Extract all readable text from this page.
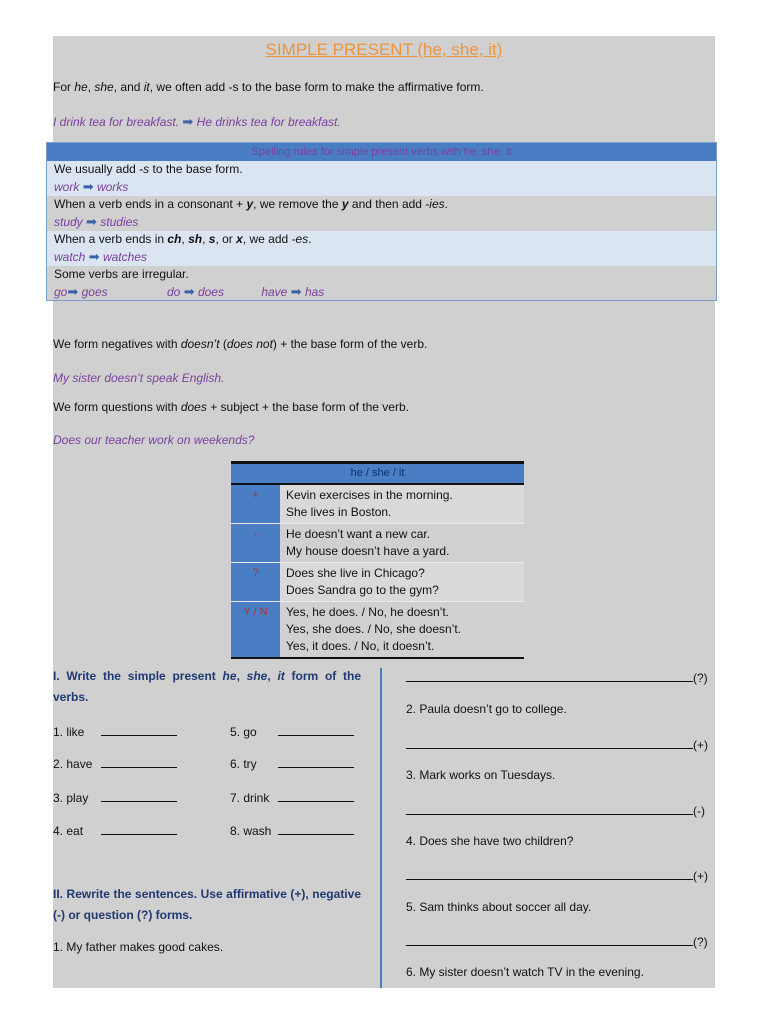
SIMPLE PRESENT (he, she, it)
For he, she, and it, we often add -s to the base form to make the affirmative form.
I drink tea for breakfast. ➡ He drinks tea for breakfast.
We form negatives with doesn’t (does not) + the base form of the verb.
My sister doesn’t speak English.
We form questions with does + subject + the base form of the verb.
Does our teacher work on weekends?
he / she / it
+	Kevin exercises in the morning.
She lives in Boston.
-	He doesn’t want a new car.
My house doesn’t have a yard.
?	Does she live in Chicago?
Does Sandra go to the gym?
Y / N	Yes, he does. / No, he doesn’t.
Yes, she does. / No, she doesn’t.
Yes, it does. / No, it doesn’t.
I. Write the simple present he, she, it form of the verbs.
1. like
2. have
3. play
4. eat
5. go
6. try
7. drink
8. wash
II. Rewrite the sentences. Use affirmative (+), negative (-) or question (?) forms.
1. My father makes good cakes.
(?)
2. Paula doesn’t go to college.
(+)
3. Mark works on Tuesdays.
(-)
4. Does she have two children?
(+)
5. Sam thinks about soccer all day.
(?)
6. My sister doesn’t watch TV in the evening.
Spelling rules for simple present verbs with he, she, it
We usually add -s to the base form.
work ➡ works
When a verb ends in a consonant + y, we remove the y and then add -ies.
study ➡ studies
When a verb ends in ch, sh, s, or x, we add -es.
watch ➡ watches
Some verbs are irregular.
go➡ goes	do ➡ does	have ➡ has
